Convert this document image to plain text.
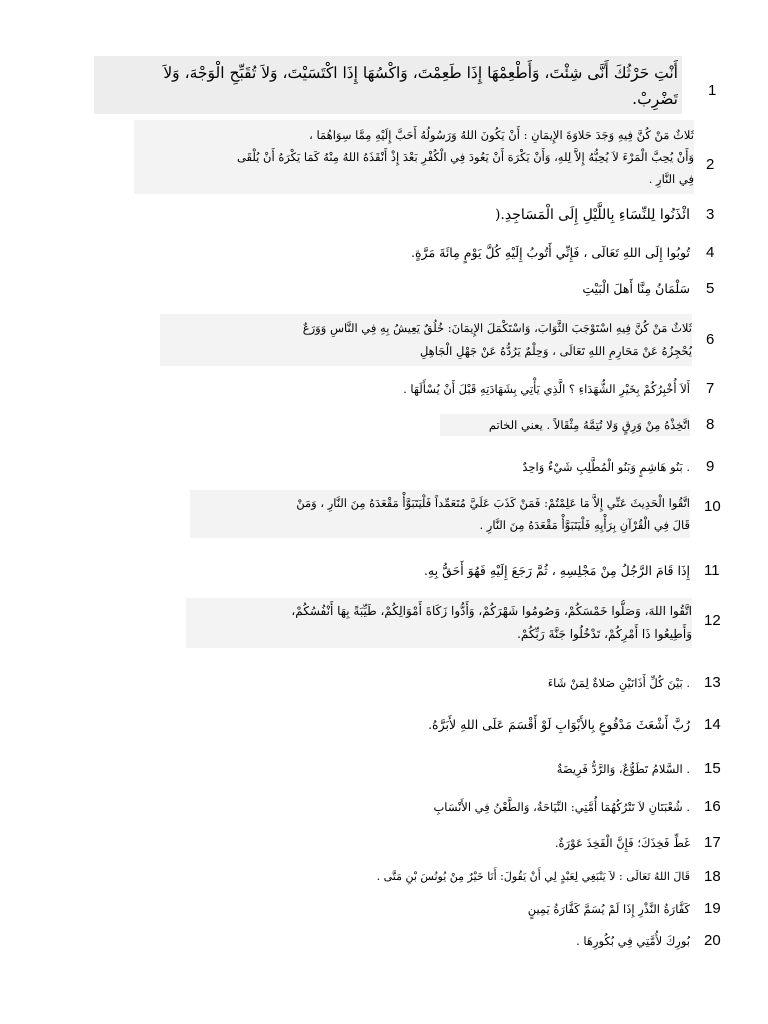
أَنْتِ حَرْثُكَ أَنَّى شِئْتَ، وَأَطْعِمْهَا إِذَا طَعِمْتَ، وَاكْسُهَا إِذَا اكْتَسَيْتَ، وَلاَ تُقَبِّحِ الْوَجْهَ، وَلاَ
تَضْرِبْ. 1
ثَلاثٌ مَنْ كُنَّ فِيهِ وَجَدَ حَلاوَةَ الإِيمَانِ : أَنْ يَكُونَ اللهُ وَرَسُولُهُ أَحَبَّ إِلَيْهِ مِمَّا سِوَاهُمَا ،
وَأَنْ يُحِبَّ الْمَرْءَ لاَ يُحِبُّهُ إِلاَّ لِلهِ، وَأَنْ يَكْرَهَ أَنْ يَعُودَ فِي الْكُفْرِ بَعْدَ إِذْ أَنْقَذَهُ اللهُ مِنْهُ كَمَا يَكْرَهُ أَنْ يُلْقَى
فِي النَّارِ .
2
ائْذَنُوا لِلنِّسَاءِ بِاللَّيْلِ إِلَى الْمَسَاجِدِ.( 3
تُوبُوا إِلَى اللهِ تَعَالَى ، فَإِنِّي أَتُوبُ إِلَيْهِ كُلَّ يَوْمٍ مِائَةَ مَرَّةٍ. 4
سَلْمَانُ مِنَّا أَهلَ الْبَيْتِ 5
ثَلاثٌ مَنْ كُنَّ فِيهِ اسْتَوْجَبَ الثَّوَابَ، وَاسْتَكْمَلَ الإِيمَانَ: خُلُقٌ يَعِيشُ بِهِ فِي النَّاسِ وَوَرَعٌ
يُحْجِزُهُ عَنْ مَحَارِمِ اللهِ تَعَالَى ، وَحِلْمٌ يَرُدُّهُ عَنْ جَهْلِ الْجَاهِلِ
6
أَلاَ أُخْبِرُكُمْ بِخَيْرِ الشُّهَدَاءِ ؟ الَّذِي يَأْتِي بِشَهَادَتِهِ قَبْلَ أَنْ يُسْأَلَهَا . 7
اتَّخِذْهُ مِنْ وَرِقٍ وَلا تُتِمَّهُ مِثْقَالاً . يعني الخاتم 8
. بَنُو هَاشِمٍ وَبَنُو الْمُطَّلِبِ شَيْءٌ وَاحِدٌ 9
اتَّقُوا الْحَدِيثَ عَنِّي إِلاَّ مَا عَلِمْتُمْ: فَمَنْ كَذَبَ عَلَيَّ مُتَعَمِّداً فَلْيَتَبَوَّأْ مَقْعَدَهُ مِنَ النَّارِ ، وَمَنْ
قَالَ فِي الْقُرْآنِ بِرَأْيِهِ فَلْيَتَبَوَّأْ مَقْعَدَهُ مِنَ النَّارِ .
10
إِذَا قَامَ الرَّجُلُ مِنْ مَجْلِسِهِ ، ثُمَّ رَجَعَ إِلَيْهِ فَهُوَ أَحَقُّ بِهِ. 11
اتَّقُوا اللهَ، وَصَلُّوا خَمْسَكُمْ، وَصُومُوا شَهْرَكُمْ، وَأَدُّوا زَكَاةَ أَمْوَالِكُمْ، طَيِّبَةً بِهَا أَنْفُسُكُمْ،
وَأَطِيعُوا ذَا أَمْرِكُمْ، تَدْخُلُوا جَنَّةَ رَبِّكُمْ.
12
. بَيْنَ كُلِّ أَذَانَيْنِ صَلاةٌ لِمَنْ شَاءَ 13
رُبَّ أَشْعَثَ مَدْفُوعٍ بِالأَبْوَابِ لَوْ أَقْسَمَ عَلَى اللهِ لأَبَرَّهُ. 14
. السَّلامُ تَطَوُّعٌ، وَالرَّدُّ فَرِيضَةٌ 15
. شُعْبَتَانِ لاَ تَتْرُكُهُمَا أُمَّتِي: النِّيَاحَةُ، وَالطَّعْنُ فِي الأَنْسَابِ 16
غَطِّ فَخِذَكَ؛ فَإِنَّ الْفَخِذَ عَوْرَةٌ. 17
قَالَ اللهُ تَعَالَى : لاَ يَنْبَغِي لِعَبْدٍ لِي أَنْ يَقُولَ: أَنَا خَيْرٌ مِنْ يُونُسَ بْنِ مَتَّى . 18
كَفَّارَةُ النَّذْرِ إِذَا لَمْ يُسَمَّ كَفَّارَةُ يَمِينٍ 19
بُورِكَ لأُمَّتِي فِي بُكُورِهَا . 20
